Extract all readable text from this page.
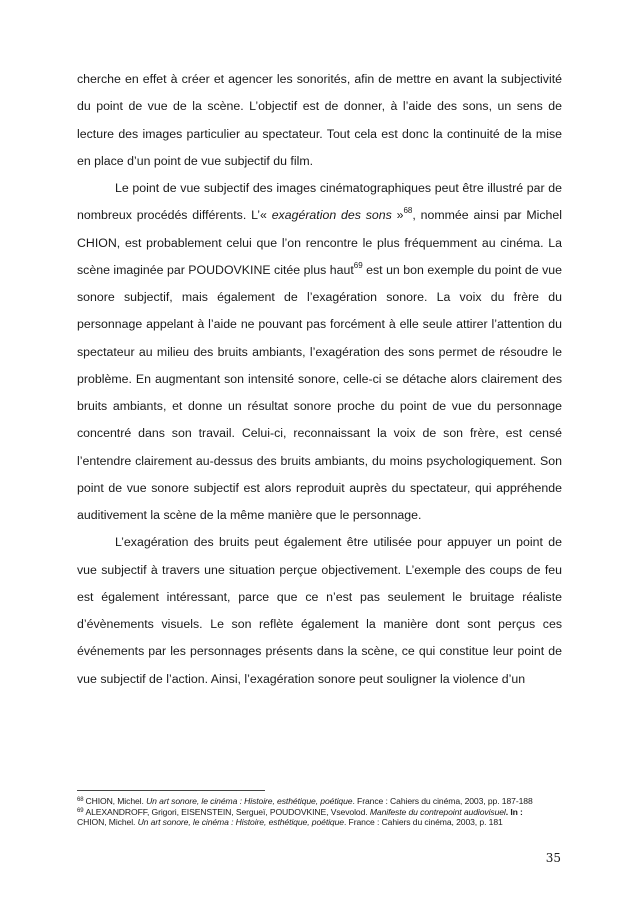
cherche en effet à créer et agencer les sonorités, afin de mettre en avant la subjectivité du point de vue de la scène. L’objectif est de donner, à l’aide des sons, un sens de lecture des images particulier au spectateur. Tout cela est donc la continuité de la mise en place d’un point de vue subjectif du film.

Le point de vue subjectif des images cinématographiques peut être illustré par de nombreux procédés différents. L’« exagération des sons »$^{68}$, nommée ainsi par Michel CHION, est probablement celui que l’on rencontre le plus fréquemment au cinéma. La scène imaginée par POUDOVKINE citée plus haut$^{69}$ est un bon exemple du point de vue sonore subjectif, mais également de l’exagération sonore. La voix du frère du personnage appelant à l’aide ne pouvant pas forcément à elle seule attirer l’attention du spectateur au milieu des bruits ambiants, l’exagération des sons permet de résoudre le problème. En augmentant son intensité sonore, celle-ci se détache alors clairement des bruits ambiants, et donne un résultat sonore proche du point de vue du personnage concentré dans son travail. Celui-ci, reconnaissant la voix de son frère, est censé l’entendre clairement au-dessus des bruits ambiants, du moins psychologiquement. Son point de vue sonore subjectif est alors reproduit auprès du spectateur, qui appréhende auditivement la scène de la même manière que le personnage.

L’exagération des bruits peut également être utilisée pour appuyer un point de vue subjectif à travers une situation perçue objectivement. L’exemple des coups de feu est également intéressant, parce que ce n’est pas seulement le bruitage réaliste d’évènements visuels. Le son reflète également la manière dont sont perçus ces événements par les personnages présents dans la scène, ce qui constitue leur point de vue subjectif de l’action. Ainsi, l’exagération sonore peut souligner la violence d’un

$^{68}$ CHION, Michel. Un art sonore, le cinéma : Histoire, esthétique, poétique. France : Cahiers du cinéma, 2003, pp. 187-188
$^{69}$ ALEXANDROFF, Grigori, EISENSTEIN, Sergueï, POUDOVKINE, Vsevolod. Manifeste du contrepoint audiovisuel. In :
CHION, Michel. Un art sonore, le cinéma : Histoire, esthétique, poétique. France : Cahiers du cinéma, 2003, p. 181
35
